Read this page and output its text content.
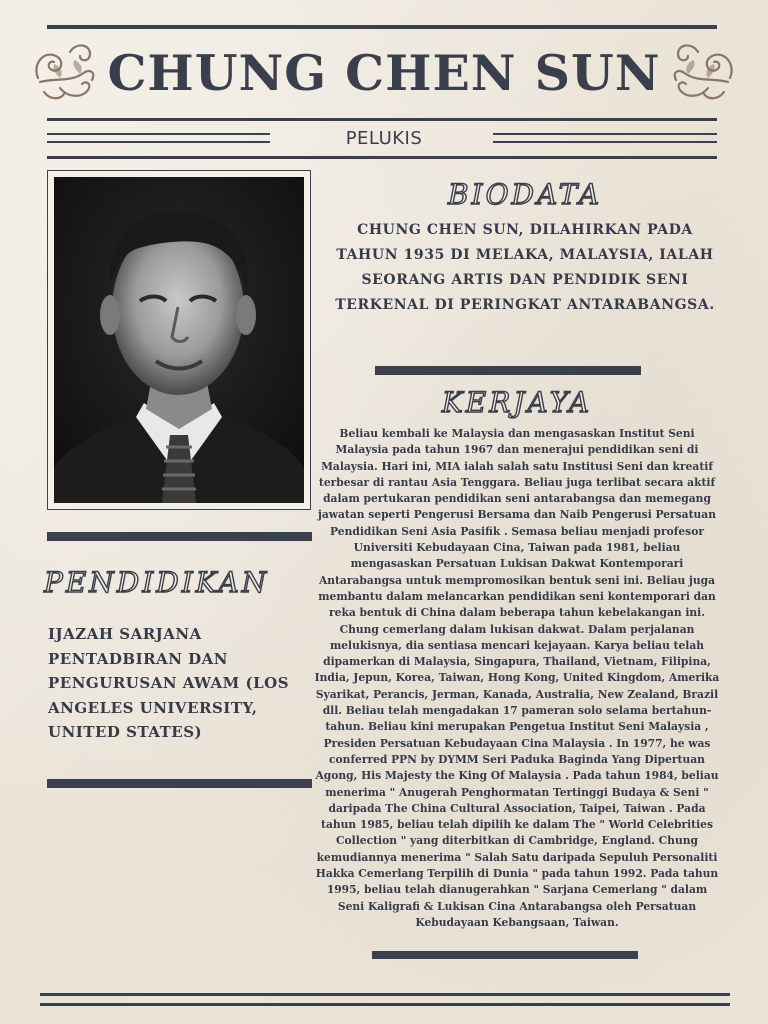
CHUNG CHEN SUN
PELUKIS
BIODATA
CHUNG CHEN SUN, DILAHIRKAN PADA TAHUN 1935 DI MELAKA, MALAYSIA, IALAH SEORANG ARTIS DAN PENDIDIK SENI TERKENAL DI PERINGKAT ANTARABANGSA.
KERJAYA
Beliau kembali ke Malaysia dan mengasaskan Institut Seni Malaysia pada tahun 1967 dan menerajui pendidikan seni di Malaysia. Hari ini, MIA ialah salah satu Institusi Seni dan kreatif terbesar di rantau Asia Tenggara. Beliau juga terlibat secara aktif dalam pertukaran pendidikan seni antarabangsa dan memegang jawatan seperti Pengerusi Bersama dan Naib Pengerusi Persatuan Pendidikan Seni Asia Pasifik . Semasa beliau menjadi profesor Universiti Kebudayaan Cina, Taiwan pada 1981, beliau mengasaskan Persatuan Lukisan Dakwat Kontemporari Antarabangsa untuk mempromosikan bentuk seni ini. Beliau juga membantu dalam melancarkan pendidikan seni kontemporari dan reka bentuk di China dalam beberapa tahun kebelakangan ini. Chung cemerlang dalam lukisan dakwat. Dalam perjalanan melukisnya, dia sentiasa mencari kejayaan. Karya beliau telah dipamerkan di Malaysia, Singapura, Thailand, Vietnam, Filipina, India, Jepun, Korea, Taiwan, Hong Kong, United Kingdom, Amerika Syarikat, Perancis, Jerman, Kanada, Australia, New Zealand, Brazil dll. Beliau telah mengadakan 17 pameran solo selama bertahun-tahun. Beliau kini merupakan Pengetua Institut Seni Malaysia , Presiden Persatuan Kebudayaan Cina Malaysia . In 1977, he was conferred PPN by DYMM Seri Paduka Baginda Yang Dipertuan Agong, His Majesty the King Of Malaysia . Pada tahun 1984, beliau menerima " Anugerah Penghormatan Tertinggi Budaya & Seni " daripada The China Cultural Association, Taipei, Taiwan . Pada tahun 1985, beliau telah dipilih ke dalam The " World Celebrities Collection " yang diterbitkan di Cambridge, England. Chung kemudiannya menerima " Salah Satu daripada Sepuluh Personaliti Hakka Cemerlang Terpilih di Dunia " pada tahun 1992. Pada tahun 1995, beliau telah dianugerahkan " Sarjana Cemerlang " dalam Seni Kaligrafi & Lukisan Cina Antarabangsa oleh Persatuan Kebudayaan Kebangsaan, Taiwan.
PENDIDIKAN
IJAZAH SARJANA PENTADBIRAN DAN PENGURUSAN AWAM (LOS ANGELES UNIVERSITY, UNITED STATES)
